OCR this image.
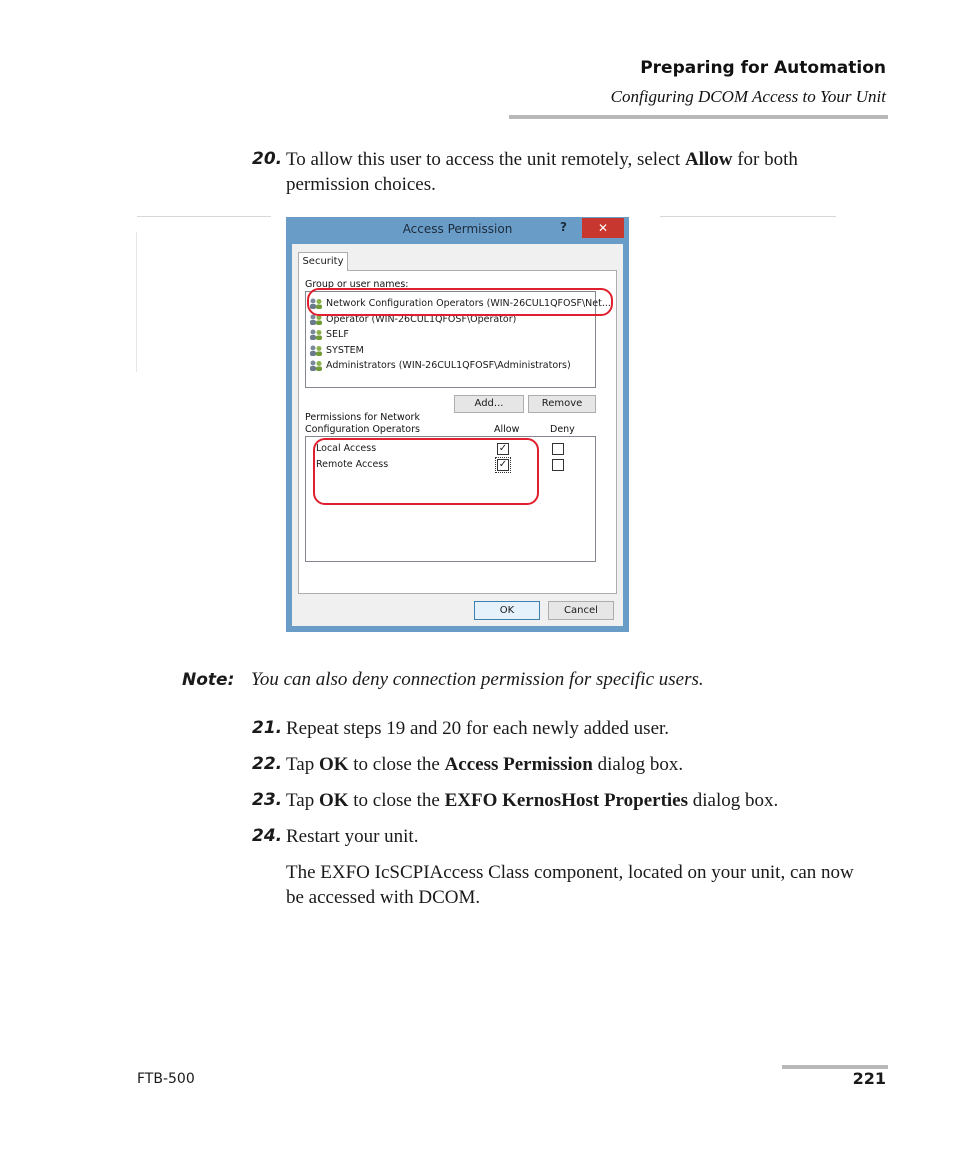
Preparing for Automation
Configuring DCOM Access to Your Unit
20. To allow this user to access the unit remotely, select Allow for both permission choices.
Access Permission	?	✕
Security
Group or user names:
Network Configuration Operators (WIN-26CUL1QFOSF\Net...
Operator (WIN-26CUL1QFOSF\Operator)
SELF
SYSTEM
Administrators (WIN-26CUL1QFOSF\Administrators)
Add...	Remove
Permissions for Network
Configuration Operators	Allow	Deny
Local Access	✓
Remote Access	✓
OK	Cancel
Note: You can also deny connection permission for specific users.
21. Repeat steps 19 and 20 for each newly added user.
22. Tap OK to close the Access Permission dialog box.
23. Tap OK to close the EXFO KernosHost Properties dialog box.
24. Restart your unit.
The EXFO IcSCPIAccess Class component, located on your unit, can now be accessed with DCOM.
FTB-500	221
